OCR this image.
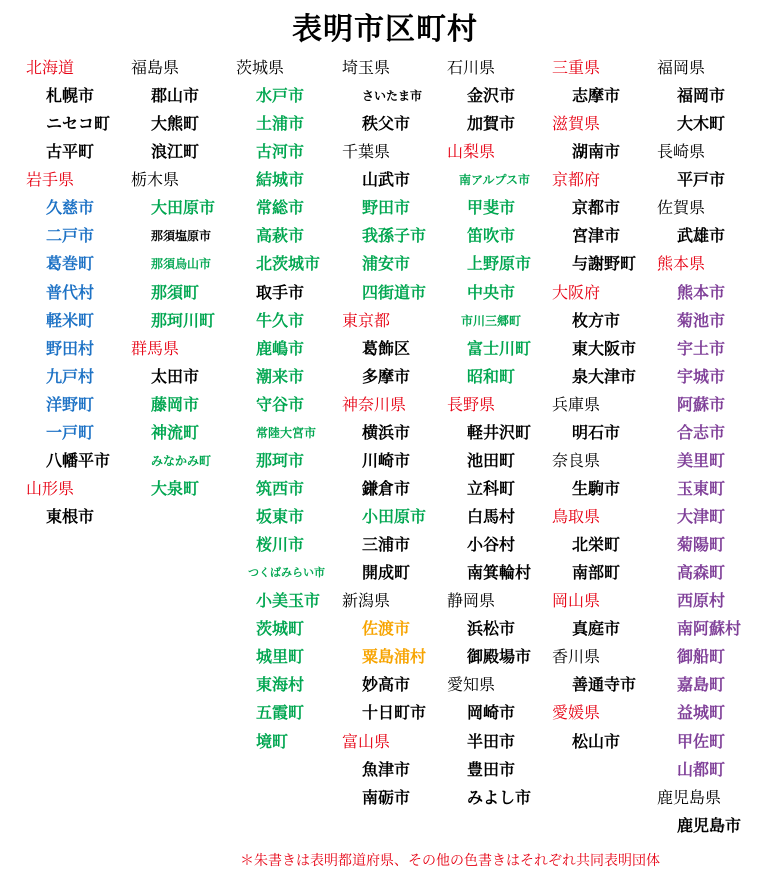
表明市区町村
北海道
札幌市
ニセコ町
古平町
岩手県
久慈市
二戸市
葛巻町
普代村
軽米町
野田村
九戸村
洋野町
一戸町
八幡平市
山形県
東根市
福島県
郡山市
大熊町
浪江町
栃木県
大田原市
那須塩原市
那須烏山市
那須町
那珂川町
群馬県
太田市
藤岡市
神流町
みなかみ町
大泉町
茨城県
水戸市
土浦市
古河市
結城市
常総市
高萩市
北茨城市
取手市
牛久市
鹿嶋市
潮来市
守谷市
常陸大宮市
那珂市
筑西市
坂東市
桜川市
つくばみらい市
小美玉市
茨城町
城里町
東海村
五霞町
境町
埼玉県
さいたま市
秩父市
千葉県
山武市
野田市
我孫子市
浦安市
四街道市
東京都
葛飾区
多摩市
神奈川県
横浜市
川崎市
鎌倉市
小田原市
三浦市
開成町
新潟県
佐渡市
粟島浦村
妙高市
十日町市
富山県
魚津市
南砺市
石川県
金沢市
加賀市
山梨県
南アルプス市
甲斐市
笛吹市
上野原市
中央市
市川三郷町
富士川町
昭和町
長野県
軽井沢町
池田町
立科町
白馬村
小谷村
南箕輪村
静岡県
浜松市
御殿場市
愛知県
岡崎市
半田市
豊田市
みよし市
三重県
志摩市
滋賀県
湖南市
京都府
京都市
宮津市
与謝野町
大阪府
枚方市
東大阪市
泉大津市
兵庫県
明石市
奈良県
生駒市
鳥取県
北栄町
南部町
岡山県
真庭市
香川県
善通寺市
愛媛県
松山市
福岡県
福岡市
大木町
長崎県
平戸市
佐賀県
武雄市
熊本県
熊本市
菊池市
宇土市
宇城市
阿蘇市
合志市
美里町
玉東町
大津町
菊陽町
高森町
西原村
南阿蘇村
御船町
嘉島町
益城町
甲佐町
山都町
鹿児島県
鹿児島市
＊朱書きは表明都道府県、その他の色書きはそれぞれ共同表明団体
